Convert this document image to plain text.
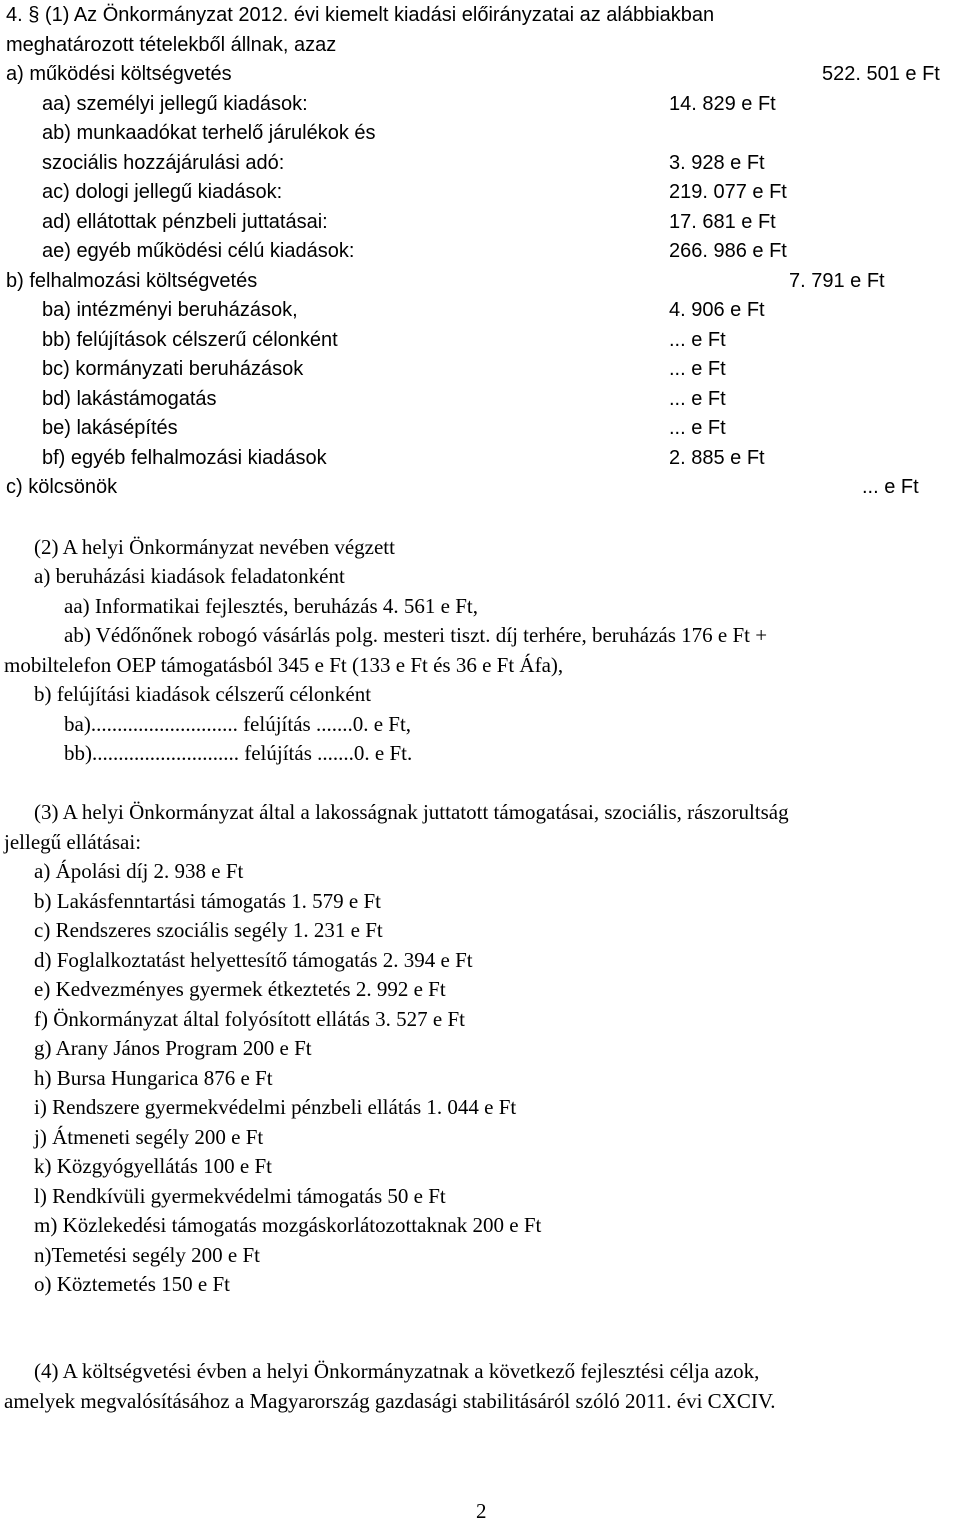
4. § (1) Az Önkormányzat 2012. évi kiemelt kiadási előirányzatai az alábbiakban
meghatározott tételekből állnak, azaz
a) működési költségvetés	522. 501 e Ft
aa) személyi jellegű kiadások:	14. 829 e Ft
ab) munkaadókat terhelő járulékok és
szociális hozzájárulási adó:	3. 928 e Ft
ac) dologi jellegű kiadások:	219. 077 e Ft
ad) ellátottak pénzbeli juttatásai:	17. 681 e Ft
ae) egyéb működési célú kiadások:	266. 986 e Ft
b) felhalmozási költségvetés	7. 791 e Ft
ba) intézményi beruházások,	4. 906 e Ft
bb) felújítások célszerű célonként	... e Ft
bc) kormányzati beruházások	... e Ft
bd) lakástámogatás	... e Ft
be) lakásépítés	... e Ft
bf) egyéb felhalmozási kiadások	2. 885 e Ft
c) kölcsönök	... e Ft
(2) A helyi Önkormányzat nevében végzett
a) beruházási kiadások feladatonként
aa) Informatikai fejlesztés, beruházás 4. 561 e Ft,
ab) Védőnőnek robogó vásárlás polg. mesteri tiszt. díj terhére, beruházás 176 e Ft +
mobiltelefon OEP támogatásból 345 e Ft (133 e Ft és 36 e Ft Áfa),
b) felújítási kiadások célszerű célonként
ba)............................ felújítás .......0. e Ft,
bb)............................ felújítás .......0. e Ft.
(3) A helyi Önkormányzat által a lakosságnak juttatott támogatásai, szociális, rászorultság
jellegű ellátásai:
a) Ápolási díj 2. 938 e Ft
b) Lakásfenntartási támogatás 1. 579 e Ft
c) Rendszeres szociális segély 1. 231 e Ft
d) Foglalkoztatást helyettesítő támogatás 2. 394 e Ft
e) Kedvezményes gyermek étkeztetés 2. 992 e Ft
f) Önkormányzat által folyósított ellátás 3. 527 e Ft
g) Arany János Program 200 e Ft
h) Bursa Hungarica 876 e Ft
i) Rendszere gyermekvédelmi pénzbeli ellátás 1. 044 e Ft
j) Átmeneti segély 200 e Ft
k) Közgyógyellátás 100 e Ft
l) Rendkívüli gyermekvédelmi támogatás 50 e Ft
m) Közlekedési támogatás mozgáskorlátozottaknak 200 e Ft
n)Temetési segély 200 e Ft
o) Köztemetés 150 e Ft
(4) A költségvetési évben a helyi Önkormányzatnak a következő fejlesztési célja azok,
amelyek megvalósításához a Magyarország gazdasági stabilitásáról szóló 2011. évi CXCIV.
2
